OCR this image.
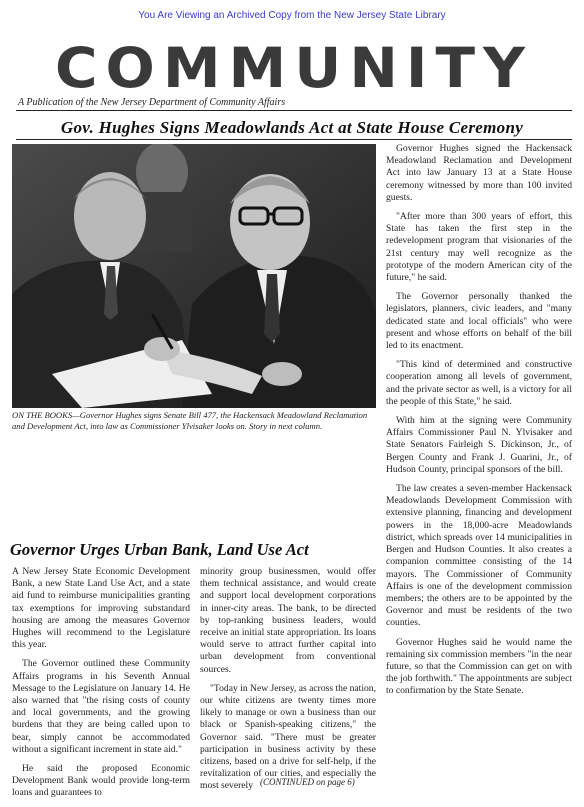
You Are Viewing an Archived Copy from the New Jersey State Library
COMMUNITY
A Publication of the New Jersey Department of Community Affairs
Gov. Hughes Signs Meadowlands Act at State House Ceremony
ON THE BOOKS—Governor Hughes signs Senate Bill 477, the Hackensack Meadowland Reclamation and Development Act, into law as Commissioner Ylvisaker looks on. Story in next column.

Governor Hughes signed the Hackensack Meadowland Reclamation and Development Act into law January 13 at a State House ceremony witnessed by more than 100 invited guests.

"After more than 300 years of effort, this State has taken the first step in the redevelopment program that visionaries of the 21st century may well recognize as the prototype of the modern American city of the future," he said.

The Governor personally thanked the legislators, planners, civic leaders, and "many dedicated state and local officials" who were present and whose efforts on behalf of the bill led to its enactment.

"This kind of determined and constructive cooperation among all levels of government, and the private sector as well, is a victory for all the people of this State," he said.

With him at the signing were Community Affairs Commissioner Paul N. Ylvisaker and State Senators Fairleigh S. Dickinson, Jr., of Bergen County and Frank J. Guarini, Jr., of Hudson County, principal sponsors of the bill.

The law creates a seven-member Hackensack Meadowlands Development Commission with extensive planning, financing and development powers in the 18,000-acre Meadowlands district, which spreads over 14 municipalities in Bergen and Hudson Counties. It also creates a companion committee consisting of the 14 mayors. The Commissioner of Community Affairs is one of the development commission members; the others are to be appointed by the Governor and must be residents of the two counties.

Governor Hughes said he would name the remaining six commission members "in the near future, so that the Commission can get on with the job forthwith." The appointments are subject to confirmation by the State Senate.

Governor Urges Urban Bank, Land Use Act

A New Jersey State Economic Development Bank, a new State Land Use Act, and a state aid fund to reimburse municipalities granting tax exemptions for improving substandard housing are among the measures Governor Hughes will recommend to the Legislature this year.

The Governor outlined these Community Affairs programs in his Seventh Annual Message to the Legislature on January 14. He also warned that "the rising costs of county and local governments, and the growing burdens that they are being called upon to bear, simply cannot be accommodated without a significant increment in state aid."

He said the proposed Economic Development Bank would provide long-term loans and guarantees to

minority group businessmen, would offer them technical assistance, and would create and support local development corporations in inner-city areas. The bank, to be directed by top-ranking business leaders, would receive an initial state appropriation. Its loans would serve to attract further capital into urban development from conventional sources.

"Today in New Jersey, as across the nation, our white citizens are twenty times more likely to manage or own a business than our black or Spanish-speaking citizens," the Governor said. "There must be greater participation in business activity by these citizens, based on a drive for self-help, if the revitalization of our cities, and especially the most severely (CONTINUED on page 6)
